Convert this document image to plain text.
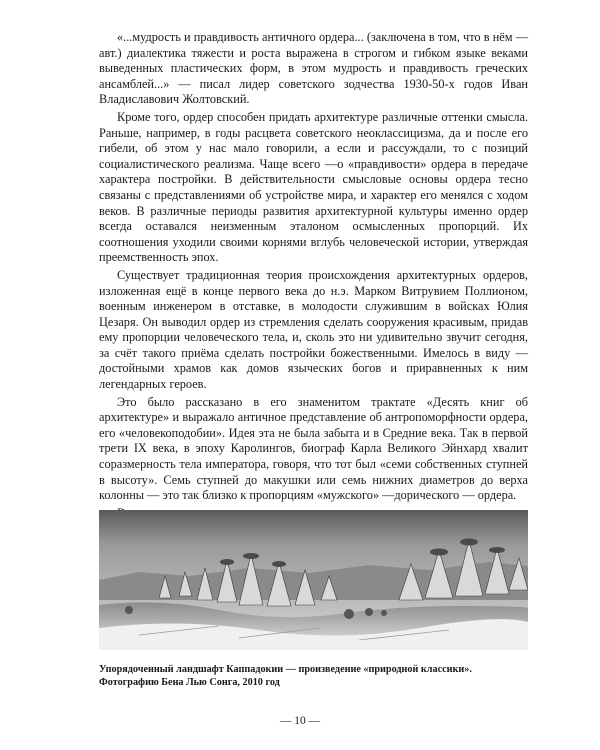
«...мудрость и правдивость античного ордера... (заключена в том, что в нём — авт.) диалектика тяжести и роста выражена в строгом и гибком языке веками выведенных пластических форм, в этом мудрость и правдивость греческих ансамблей...» — писал лидер советского зодчества 1930-50-х годов Иван Владиславович Жолтовский.

Кроме того, ордер способен придать архитектуре различные оттенки смысла. Раньше, например, в годы расцвета советского неоклассицизма, да и после его гибели, об этом у нас мало говорили, а если и рассуждали, то с позиций социалистического реализма. Чаще всего —о «правдивости» ордера в передаче характера постройки. В действительности смысловые основы ордера тесно связаны с представлениями об устройстве мира, и характер его менялся с ходом веков. В различные периоды развития архитектурной культуры именно ордер всегда оставался неизменным эталоном осмысленных пропорций. Их соотношения уходили своими корнями вглубь человеческой истории, утверждая преемственность эпох.

Существует традиционная теория происхождения архитектурных ордеров, изложенная ещё в конце первого века до н.э. Марком Витрувием Поллионом, военным инженером в отставке, в молодости служившим в войсках Юлия Цезаря. Он выводил ордер из стремления сделать сооружения красивым, придав ему пропорции человеческого тела, и, сколь это ни удивительно звучит сегодня, за счёт такого приёма сделать постройки божественными. Имелось в виду — достойными храмов как домов языческих богов и приравненных к ним легендарных героев.

Это было рассказано в его знаменитом трактате «Десять книг об архитектуре» и выражало античное представление об антропоморфности ордера, его «человекоподобии». Идея эта не была забыта и в Средние века. Так в первой трети IX века, в эпоху Каролингов, биограф Карла Великого Эйнхард хвалит соразмерность тела императора, говоря, что тот был «семи собственных ступней в высоту». Семь ступней до макушки или семь нижних диаметров до верха колонны — это так близко к пропорциям «мужского» —дорического — ордера.

Упорядоченный ландшафт Каппадокии — произведение «природной классики». Фотографию Бена Лью Сонга, 2010 год
— 10 —
